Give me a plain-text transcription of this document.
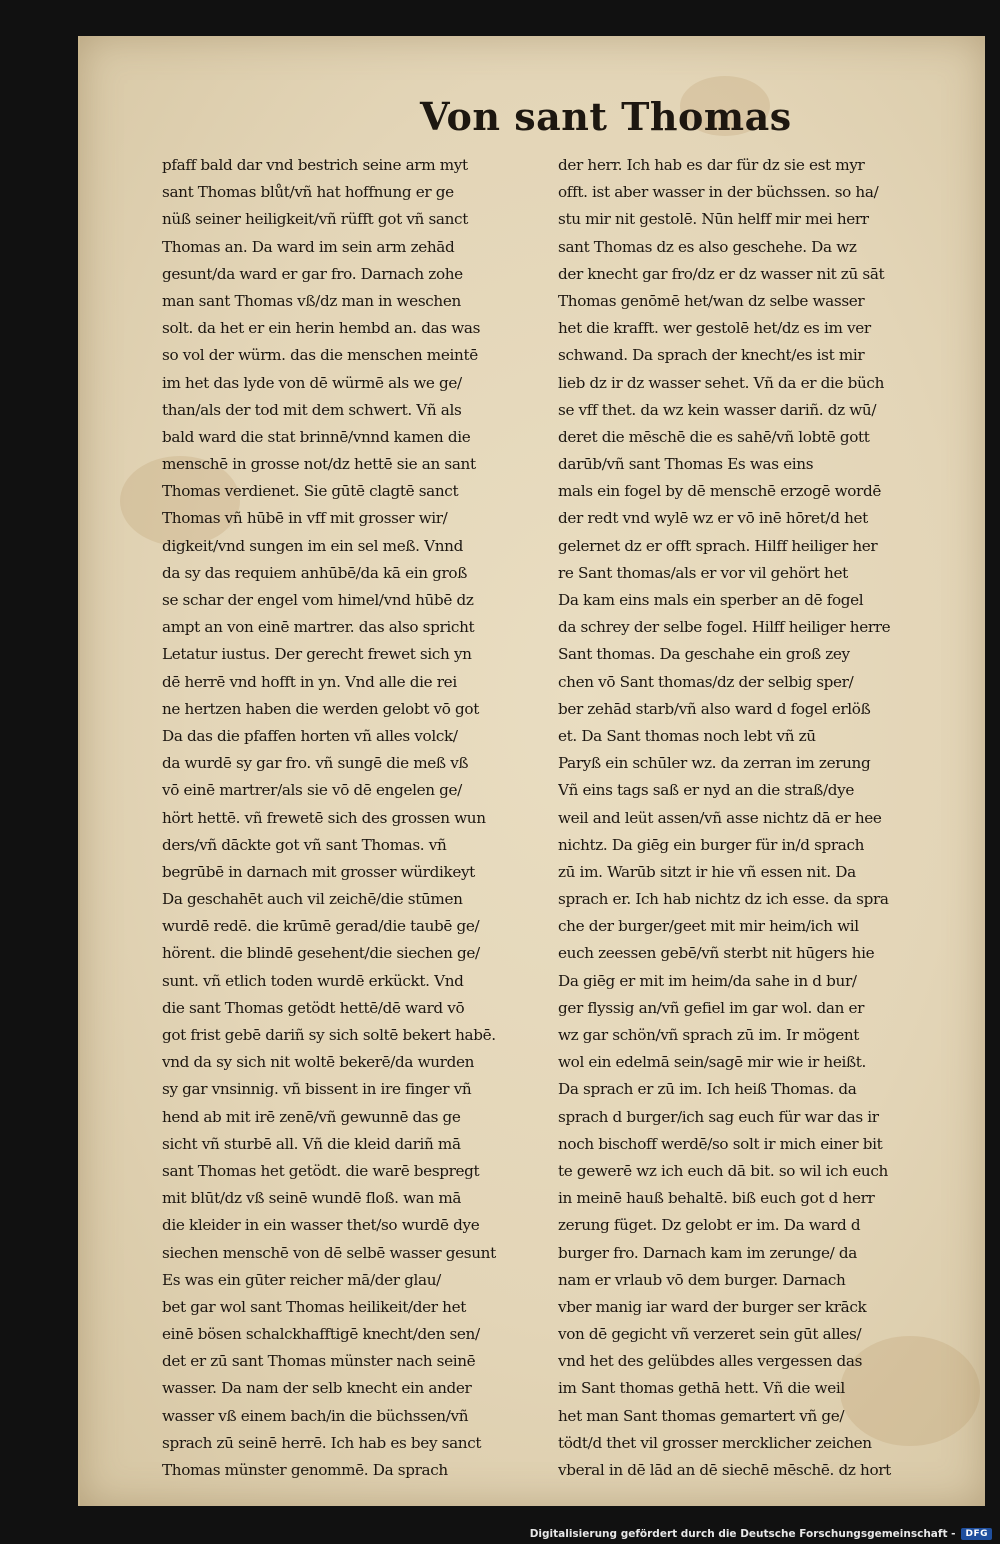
Von sant Thomas
pfaff bald dar vnd bestrich seine arm myt
sant Thomas blůt/vñ hat hoffnung er ge
nüß seiner heiligkeit/vñ rüfft got vñ sanct
Thomas an. Da ward im sein arm zehād
gesunt/da ward er gar fro. Darnach zohe
man sant Thomas vß/dz man in weschen
solt. da het er ein herin hembd an. das was
so vol der würm. das die menschen meintē
im het das lyde von dē würmē als we ge/
than/als der tod mit dem schwert. Vñ als
bald ward die stat brinnē/vnnd kamen die
menschē in grosse not/dz hettē sie an sant
Thomas verdienet. Sie gūtē clagtē sanct
Thomas vñ hūbē in vff mit grosser wir/
digkeit/vnd sungen im ein sel meß. Vnnd
da sy das requiem anhūbē/da kā ein groß
se schar der engel vom himel/vnd hūbē dz
ampt an von einē martrer. das also spricht
Letatur iustus. Der gerecht frewet sich yn
dē herrē vnd hofft in yn. Vnd alle die rei
ne hertzen haben die werden gelobt vō got
Da das die pfaffen horten vñ alles volck/
da wurdē sy gar fro. vñ sungē die meß vß
vō einē martrer/als sie vō dē engelen ge/
hört hettē. vñ frewetē sich des grossen wun
ders/vñ dāckte got vñ sant Thomas. vñ
begrūbē in darnach mit grosser würdikeyt
Da geschahēt auch vil zeichē/die stūmen
wurdē redē. die krūmē gerad/die taubē ge/
hörent. die blindē gesehent/die siechen ge/
sunt. vñ etlich toden wurdē erkückt. Vnd
die sant Thomas getödt hettē/dē ward vō
got frist gebē dariñ sy sich soltē bekert habē.
vnd da sy sich nit woltē bekerē/da wurden
sy gar vnsinnig. vñ bissent in ire finger vñ
hend ab mit irē zenē/vñ gewunnē das ge
sicht vñ sturbē all. Vñ die kleid dariñ mā
sant Thomas het getödt. die warē bespregt
mit blūt/dz vß seinē wundē floß. wan mā
die kleider in ein wasser thet/so wurdē dye
siechen menschē von dē selbē wasser gesunt
Es was ein gūter reicher mā/der glau/
bet gar wol sant Thomas heilikeit/der het
einē bösen schalckhafftigē knecht/den sen/
det er zū sant Thomas münster nach seinē
wasser. Da nam der selb knecht ein ander
wasser vß einem bach/in die büchssen/vñ
sprach zū seinē herrē. Ich hab es bey sanct
Thomas münster genommē. Da sprach
der herr. Ich hab es dar für dz sie est myr
offt. ist aber wasser in der büchssen. so ha/
stu mir nit gestolē. Nūn helff mir mei herr
sant Thomas dz es also geschehe. Da wz
der knecht gar fro/dz er dz wasser nit zū sāt
Thomas genōmē het/wan dz selbe wasser
het die krafft. wer gestolē het/dz es im ver
schwand. Da sprach der knecht/es ist mir
lieb dz ir dz wasser sehet. Vñ da er die büch
se vff thet. da wz kein wasser dariñ. dz wū/
deret die mēschē die es sahē/vñ lobtē gott
darūb/vñ sant Thomas Es was eins
mals ein fogel by dē menschē erzogē wordē
der redt vnd wylē wz er vō inē hōret/d het
gelernet dz er offt sprach. Hilff heiliger her
re Sant thomas/als er vor vil gehört het
Da kam eins mals ein sperber an dē fogel
da schrey der selbe fogel. Hilff heiliger herre
Sant thomas. Da geschahe ein groß zey
chen vō Sant thomas/dz der selbig sper/
ber zehād starb/vñ also ward d fogel erlöß
et. Da Sant thomas noch lebt vñ zū
Paryß ein schūler wz. da zerran im zerung
Vñ eins tags saß er nyd an die straß/dye
weil and leüt assen/vñ asse nichtz dā er hee
nichtz. Da giēg ein burger für in/d sprach
zū im. Warūb sitzt ir hie vñ essen nit. Da
sprach er. Ich hab nichtz dz ich esse. da spra
che der burger/geet mit mir heim/ich wil
euch zeessen gebē/vñ sterbt nit hūgers hie
Da giēg er mit im heim/da sahe in d bur/
ger flyssig an/vñ gefiel im gar wol. dan er
wz gar schön/vñ sprach zū im. Ir mögent
wol ein edelmā sein/sagē mir wie ir heißt.
Da sprach er zū im. Ich heiß Thomas. da
sprach d burger/ich sag euch für war das ir
noch bischoff werdē/so solt ir mich einer bit
te gewerē wz ich euch dā bit. so wil ich euch
in meinē hauß behaltē. biß euch got d herr
zerung füget. Dz gelobt er im. Da ward d
burger fro. Darnach kam im zerunge/ da
nam er vrlaub vō dem burger. Darnach
vber manig iar ward der burger ser krāck
von dē gegicht vñ verzeret sein gūt alles/
vnd het des gelübdes alles vergessen das
im Sant thomas gethā hett. Vñ die weil
het man Sant thomas gemartert vñ ge/
tödt/d thet vil grosser mercklicher zeichen
vberal in dē lād an dē siechē mēschē. dz hort
Digitalisierung gefördert durch die Deutsche Forschungsgemeinschaft -	DFG
